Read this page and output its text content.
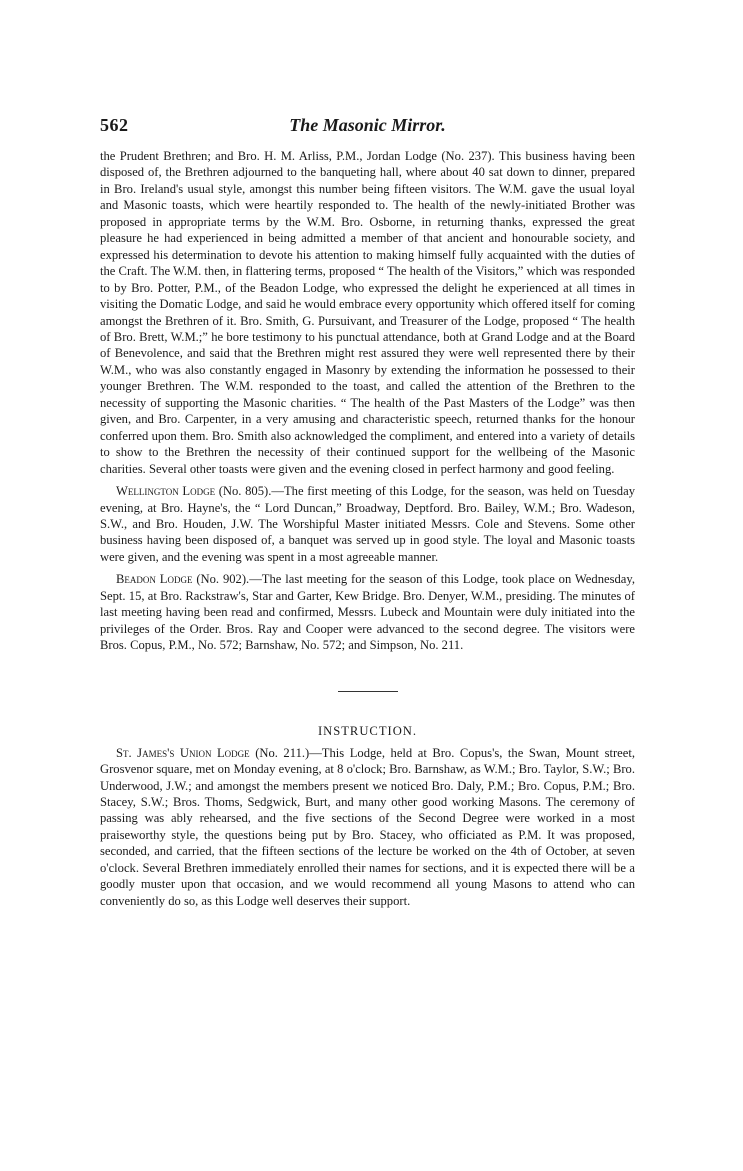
562	The Masonic Mirror.

the Prudent Brethren; and Bro. H. M. Arliss, P.M., Jordan Lodge (No. 237). This business having been disposed of, the Brethren adjourned to the banqueting hall, where about 40 sat down to dinner, prepared in Bro. Ireland's usual style, amongst this number being fifteen visitors. The W.M. gave the usual loyal and Masonic toasts, which were heartily responded to. The health of the newly-initiated Brother was proposed in appropriate terms by the W.M. Bro. Osborne, in returning thanks, expressed the great pleasure he had experienced in being admitted a member of that ancient and honourable society, and expressed his determination to devote his attention to making himself fully acquainted with the duties of the Craft. The W.M. then, in flattering terms, proposed “ The health of the Visitors,” which was responded to by Bro. Potter, P.M., of the Beadon Lodge, who expressed the delight he experienced at all times in visiting the Domatic Lodge, and said he would embrace every opportunity which offered itself for coming amongst the Brethren of it. Bro. Smith, G. Pursuivant, and Treasurer of the Lodge, proposed “ The health of Bro. Brett, W.M.;” he bore testimony to his punctual attendance, both at Grand Lodge and at the Board of Benevolence, and said that the Brethren might rest assured they were well represented there by their W.M., who was also constantly engaged in Masonry by extending the information he possessed to their younger Brethren. The W.M. responded to the toast, and called the attention of the Brethren to the necessity of supporting the Masonic charities. “ The health of the Past Masters of the Lodge” was then given, and Bro. Carpenter, in a very amusing and characteristic speech, returned thanks for the honour conferred upon them. Bro. Smith also acknowledged the compliment, and entered into a variety of details to show to the Brethren the necessity of their continued support for the wellbeing of the Masonic charities. Several other toasts were given and the evening closed in perfect harmony and good feeling.

Wellington Lodge (No. 805).—The first meeting of this Lodge, for the season, was held on Tuesday evening, at Bro. Hayne's, the “ Lord Duncan,” Broadway, Deptford. Bro. Bailey, W.M.; Bro. Wadeson, S.W., and Bro. Houden, J.W. The Worshipful Master initiated Messrs. Cole and Stevens. Some other business having been disposed of, a banquet was served up in good style. The loyal and Masonic toasts were given, and the evening was spent in a most agreeable manner.

Beadon Lodge (No. 902).—The last meeting for the season of this Lodge, took place on Wednesday, Sept. 15, at Bro. Rackstraw's, Star and Garter, Kew Bridge. Bro. Denyer, W.M., presiding. The minutes of last meeting having been read and confirmed, Messrs. Lubeck and Mountain were duly initiated into the privileges of the Order. Bros. Ray and Cooper were advanced to the second degree. The visitors were Bros. Copus, P.M., No. 572; Barnshaw, No. 572; and Simpson, No. 211.

INSTRUCTION.

St. James's Union Lodge (No. 211.)—This Lodge, held at Bro. Copus's, the Swan, Mount street, Grosvenor square, met on Monday evening, at 8 o'clock; Bro. Barnshaw, as W.M.; Bro. Taylor, S.W.; Bro. Underwood, J.W.; and amongst the members present we noticed Bro. Daly, P.M.; Bro. Copus, P.M.; Bro. Stacey, S.W.; Bros. Thoms, Sedgwick, Burt, and many other good working Masons. The ceremony of passing was ably rehearsed, and the five sections of the Second Degree were worked in a most praiseworthy style, the questions being put by Bro. Stacey, who officiated as P.M. It was proposed, seconded, and carried, that the fifteen sections of the lecture be worked on the 4th of October, at seven o'clock. Several Brethren immediately enrolled their names for sections, and it is expected there will be a goodly muster upon that occasion, and we would recommend all young Masons to attend who can conveniently do so, as this Lodge well deserves their support.
